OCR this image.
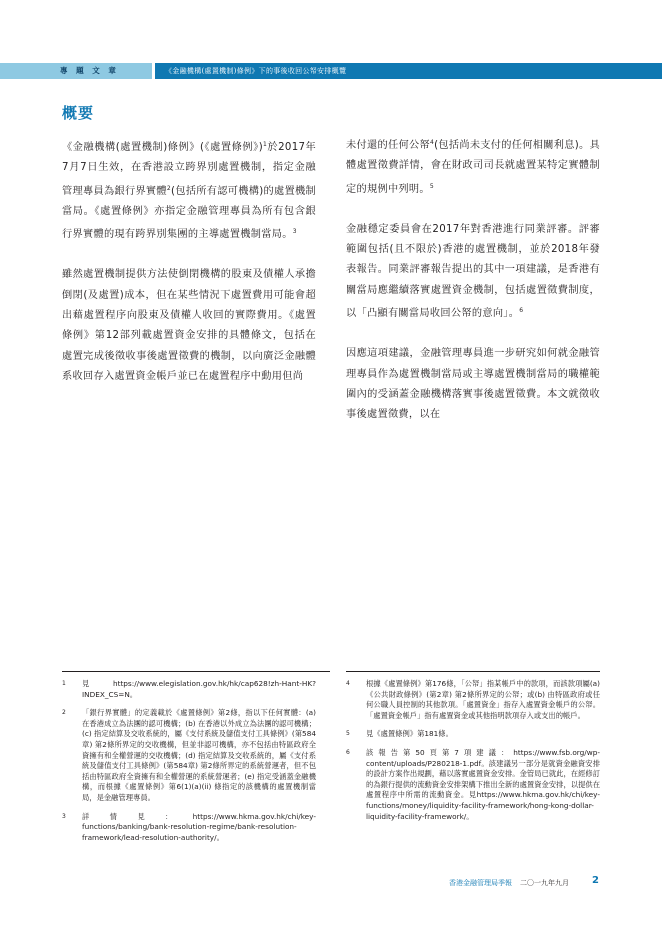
專 題 文 章	《金融機構(處置機制)條例》下的事後收回公帑安排概覽
概要

《金融機構(處置機制)條例》(《處置條例》)$^1$於2017年7月7日生效，在香港設立跨界別處置機制，指定金融管理專員為銀行界實體$^2$(包括所有認可機構)的處置機制當局。《處置條例》亦指定金融管理專員為所有包含銀行界實體的現有跨界別集團的主導處置機制當局。$^3$

雖然處置機制提供方法使倒閉機構的股東及債權人承擔倒閉(及處置)成本，但在某些情況下處置費用可能會超出藉處置程序向股東及債權人收回的實際費用。《處置條例》第12部列載處置資金安排的具體條文，包括在處置完成後徵收事後處置徵費的機制，以向廣泛金融體系收回存入處置資金帳戶並已在處置程序中動用但尚

未付還的任何公帑$^4$(包括尚未支付的任何相關利息)。具體處置徵費詳情，會在財政司司長就處置某特定實體制定的規例中列明。$^5$

金融穩定委員會在2017年對香港進行同業評審。評審範圍包括(且不限於)香港的處置機制，並於2018年發表報告。同業評審報告提出的其中一項建議，是香港有關當局應繼續落實處置資金機制，包括處置徵費制度，以「凸顯有關當局收回公帑的意向」。$^6$

因應這項建議，金融管理專員進一步研究如何就金融管理專員作為處置機制當局或主導處置機制當局的職權範圍內的受涵蓋金融機構落實事後處置徵費。本文就徵收事後處置徵費，以在

1	見https://www.elegislation.gov.hk/hk/cap628!zh-Hant-HK?INDEX_CS=N。
2	「銀行界實體」的定義載於《處置條例》第2條，指以下任何實體：(a) 在香港成立為法團的認可機構；(b) 在香港以外成立為法團的認可機構；(c) 指定結算及交收系統的，屬《支付系統及儲值支付工具條例》(第584章) 第2條所界定的交收機構，但並非認可機構，亦不包括由特區政府全資擁有和全權營運的交收機構；(d) 指定結算及交收系統的，屬《支付系統及儲值支付工具條例》(第584章) 第2條所界定的系統營運者，但不包括由特區政府全資擁有和全權營運的系統營運者；(e) 指定受涵蓋金融機構，而根據《處置條例》第6(1)(a)(ii) 條指定的該機構的處置機制當局，是金融管理專員。
3	詳情見：https://www.hkma.gov.hk/chi/key-functions/banking/bank-resolution-regime/bank-resolution-framework/lead-resolution-authority/。
4	根據《處置條例》第176條，「公帑」指某帳戶中的款項，而該款項屬(a)《公共財政條例》(第2章) 第2條所界定的公帑；或(b) 由特區政府或任何公職人員控制的其他款項。「處置資金」指存入處置資金帳戶的公帑。「處置資金帳戶」指有處置資金或其他指明款項存入或支出的帳戶。
5	見《處置條例》第181條。
6	該報告第50頁第7項建議：https://www.fsb.org/wp-content/uploads/P280218-1.pdf。該建議另一部分是就資金融資安排的設計方案作出規劃，藉以落實處置資金安排。金管局已就此，在經修訂的為銀行提供的流動資金安排架構下推出全新的處置資金安排，以提供在處置程序中所需的流動資金。見https://www.hkma.gov.hk/chi/key-functions/money/liquidity-facility-framework/hong-kong-dollar-liquidity-facility-framework/。
香港金融管理局季報 二〇一九年九月 2
